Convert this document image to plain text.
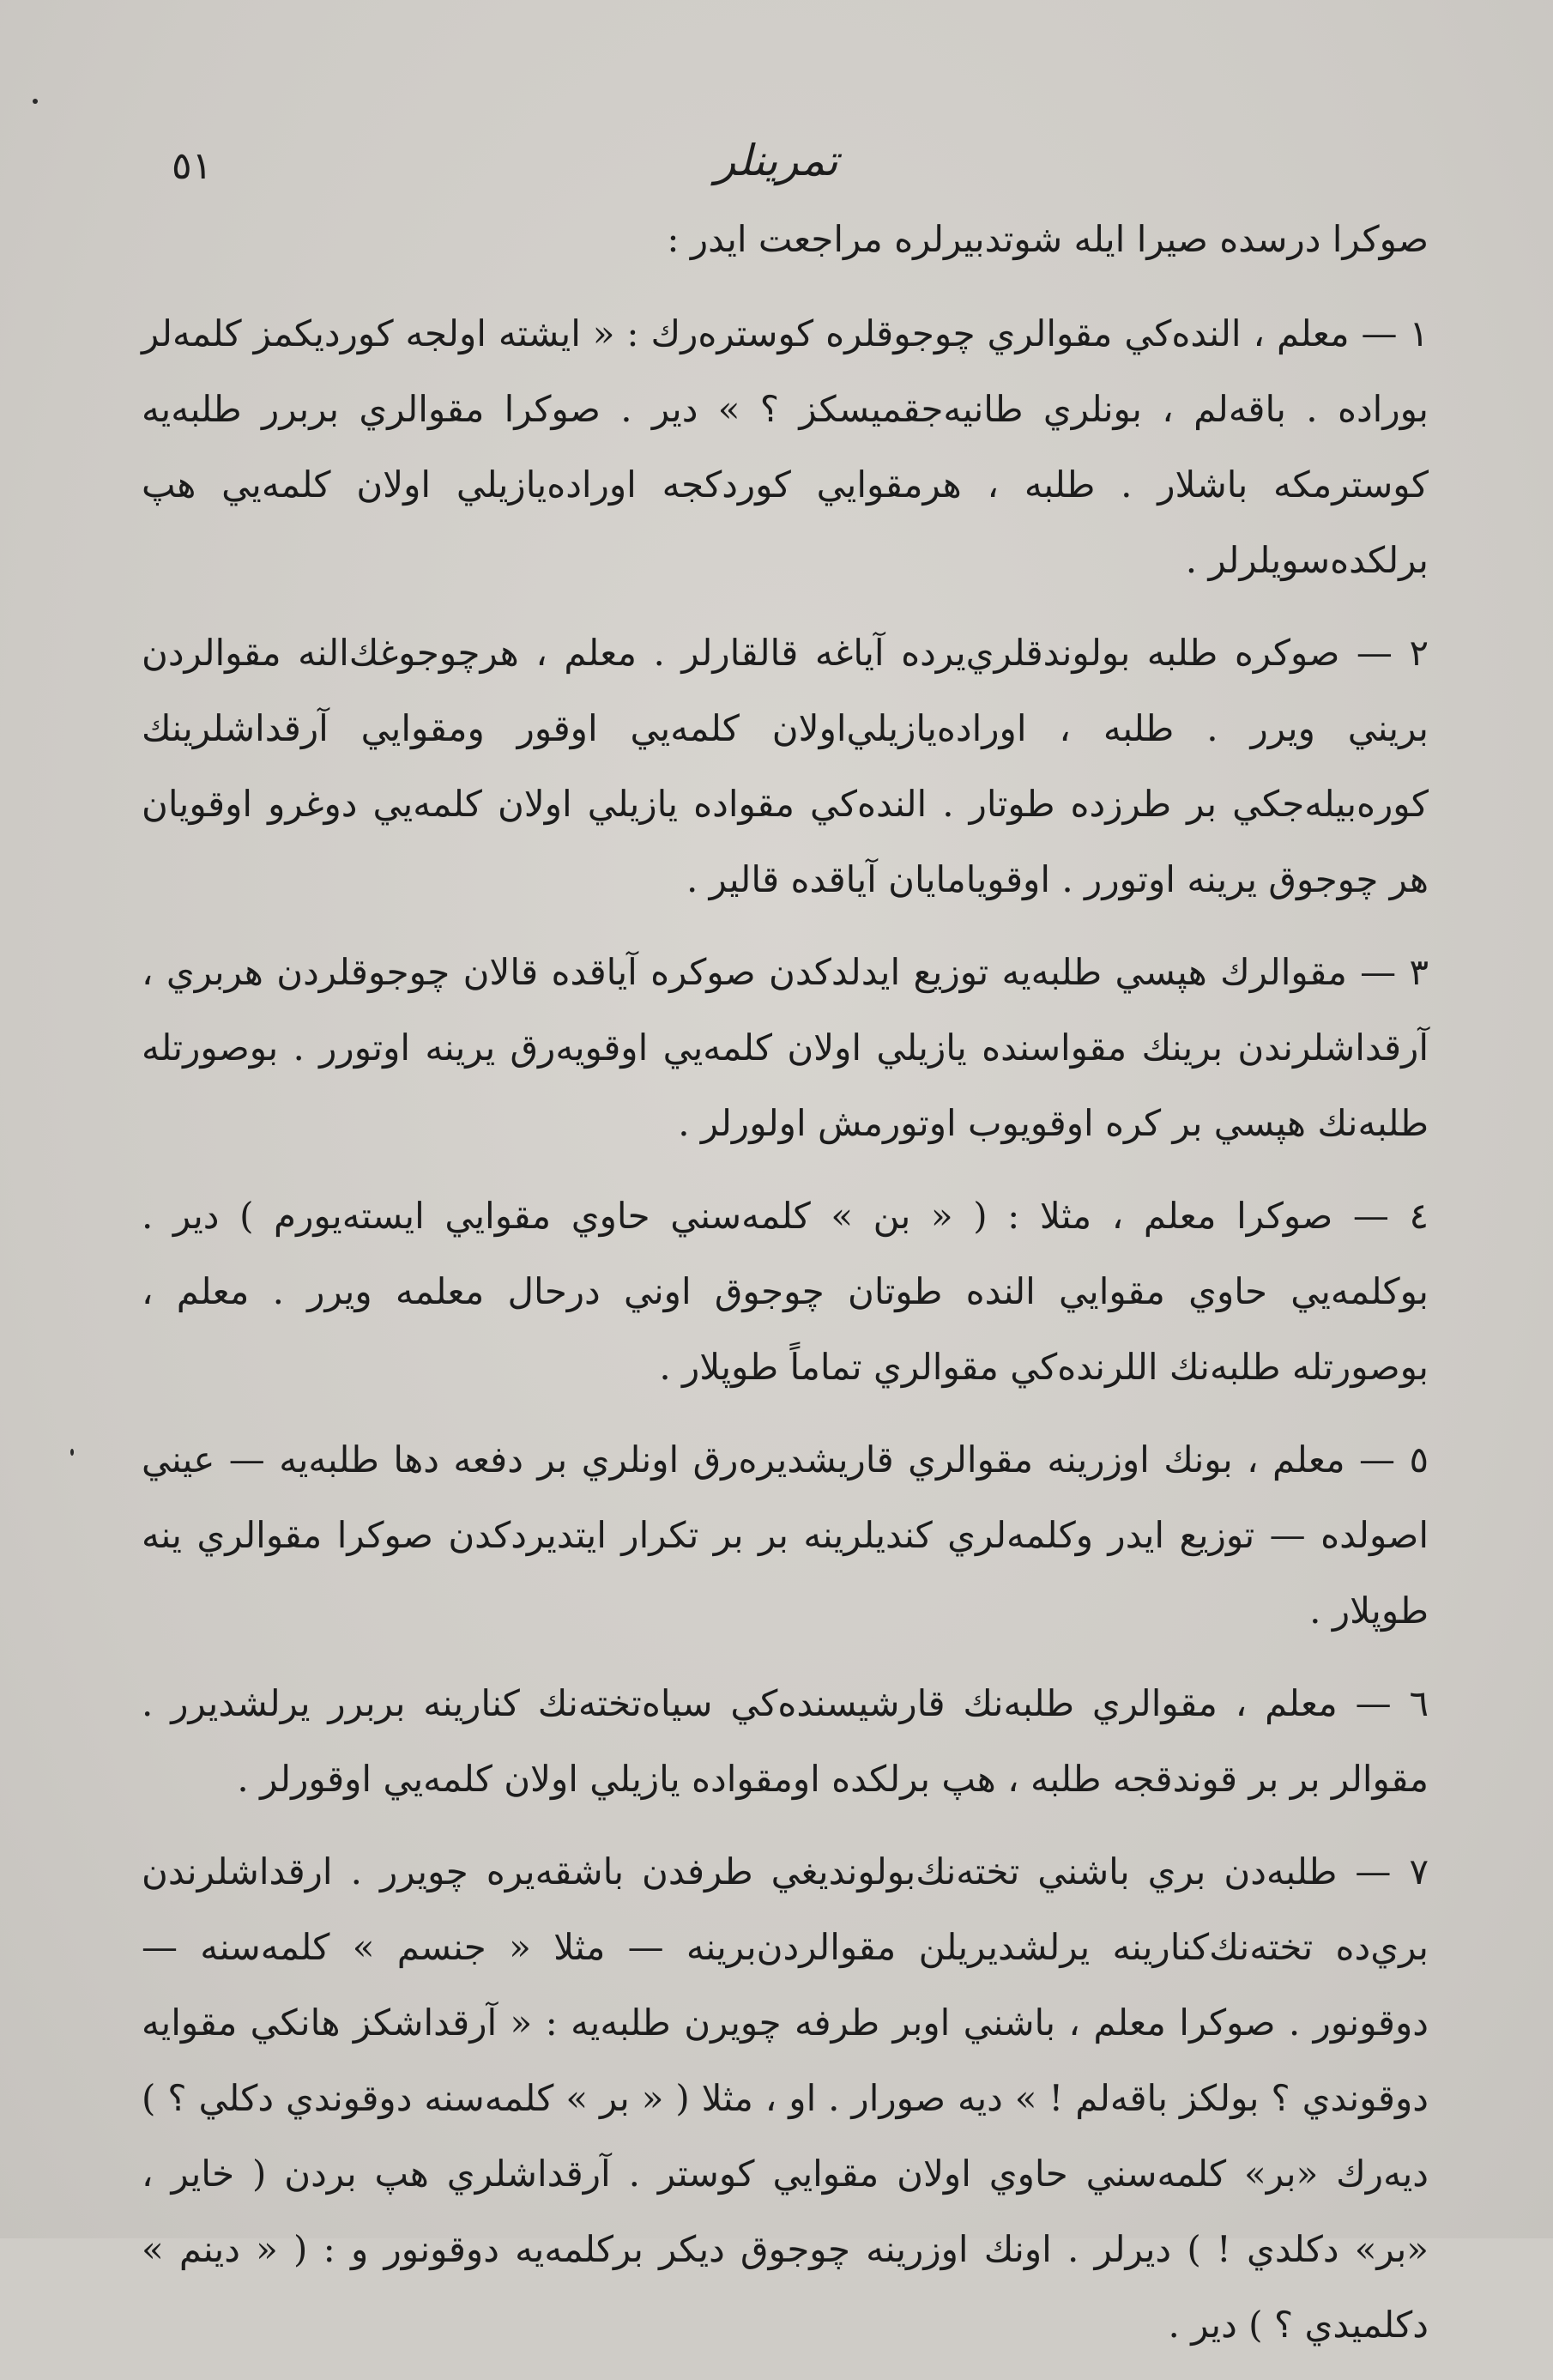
٥١	تمرينلر

صوكرا درسده صيرا ايله شوتدبيرلره مراجعت ايدر :

١ — معلم ، النده‌كي مقوالري چوجوقلره كوسترەرك : « ايشته اولجه كورديكمز كلمه‌لر بوراده . باقه‌لم ، بونلري طانيه‌جقميسكز ؟ » دير . صوكرا مقوالري بربرر طلبه‌يه كوسترمكه باشلار . طلبه ، هرمقوايي كوردكجه اوراده‌يازيلي اولان كلمه‌يي هپ برلكده‌سويلرلر .

٢ — صوكره طلبه بولوندقلري‌يرده آياغه قالقارلر . معلم ، هرچوجوغك‌النه مقوالردن بريني ويرر . طلبه ، اوراده‌يازيلي‌اولان كلمه‌يي اوقور ومقوايي آرقداشلرينك كوره‌بيله‌جكي بر طرزده طوتار . النده‌كي مقواده يازيلي اولان كلمه‌يي دوغرو اوقويان هر چوجوق يرينه اوتورر . اوقويامايان آياقده قالير .

٣ — مقوالرك هپسي طلبه‌يه توزيع ايدلدكدن صوكره آياقده قالان چوجوقلردن هربري ، آرقداشلرندن برينك مقواسنده يازيلي اولان كلمه‌يي اوقويه‌رق يرينه اوتورر . بوصورتله طلبه‌نك هپسي بر كره اوقويوب اوتورمش اولورلر .

٤ — صوكرا معلم ، مثلا : ( « بن » كلمه‌سني حاوي مقوايي ايستەيورم ) دير . بوكلمه‌يي حاوي مقوايي النده طوتان چوجوق اوني درحال معلمه ويرر . معلم ، بوصورتله طلبه‌نك اللرنده‌كي مقوالري تماماً طوپلار .

٥ — معلم ، بونك اوزرينه مقوالري قاريشديره‌رق اونلري بر دفعه دها طلبه‌يه — عيني اصولده — توزيع ايدر وكلمه‌لري كنديلرينه بر بر تكرار ايتديردكدن صوكرا مقوالري ينه طوپلار .

٦ — معلم ، مقوالري طلبه‌نك قارشيسنده‌كي سياه‌تخته‌نك كنارينه بربرر يرلشديرر . مقوالر بر بر قوندقجه طلبه ، هپ برلكده اومقواده يازيلي اولان كلمه‌يي اوقورلر .

٧ — طلبه‌دن بري باشني تخته‌نك‌بولونديغي طرفدن باشقه‌يره چويرر . ارقداشلرندن بري‌ده تخته‌نك‌كنارينه يرلشديريلن مقوالردن‌برينه — مثلا « جنسم » كلمه‌سنه — دوقونور . صوكرا معلم ، باشني اوبر طرفه چويرن طلبه‌يه : « آرقداشكز هانكي مقوايه دوقوندي ؟ بولكز باقه‌لم ! » ديه صورار . او ، مثلا ( « بر » كلمه‌سنه دوقوندي دكلي ؟ ) ديه‌رك «بر» كلمه‌سني حاوي اولان مقوايي كوستر . آرقداشلري هپ بردن ( خاير ، «بر» دكلدي ! ) ديرلر . اونك اوزرينه چوجوق ديكر بركلمه‌يه دوقونور و : ( « دينم » دكلميدي ؟ ) دير .
